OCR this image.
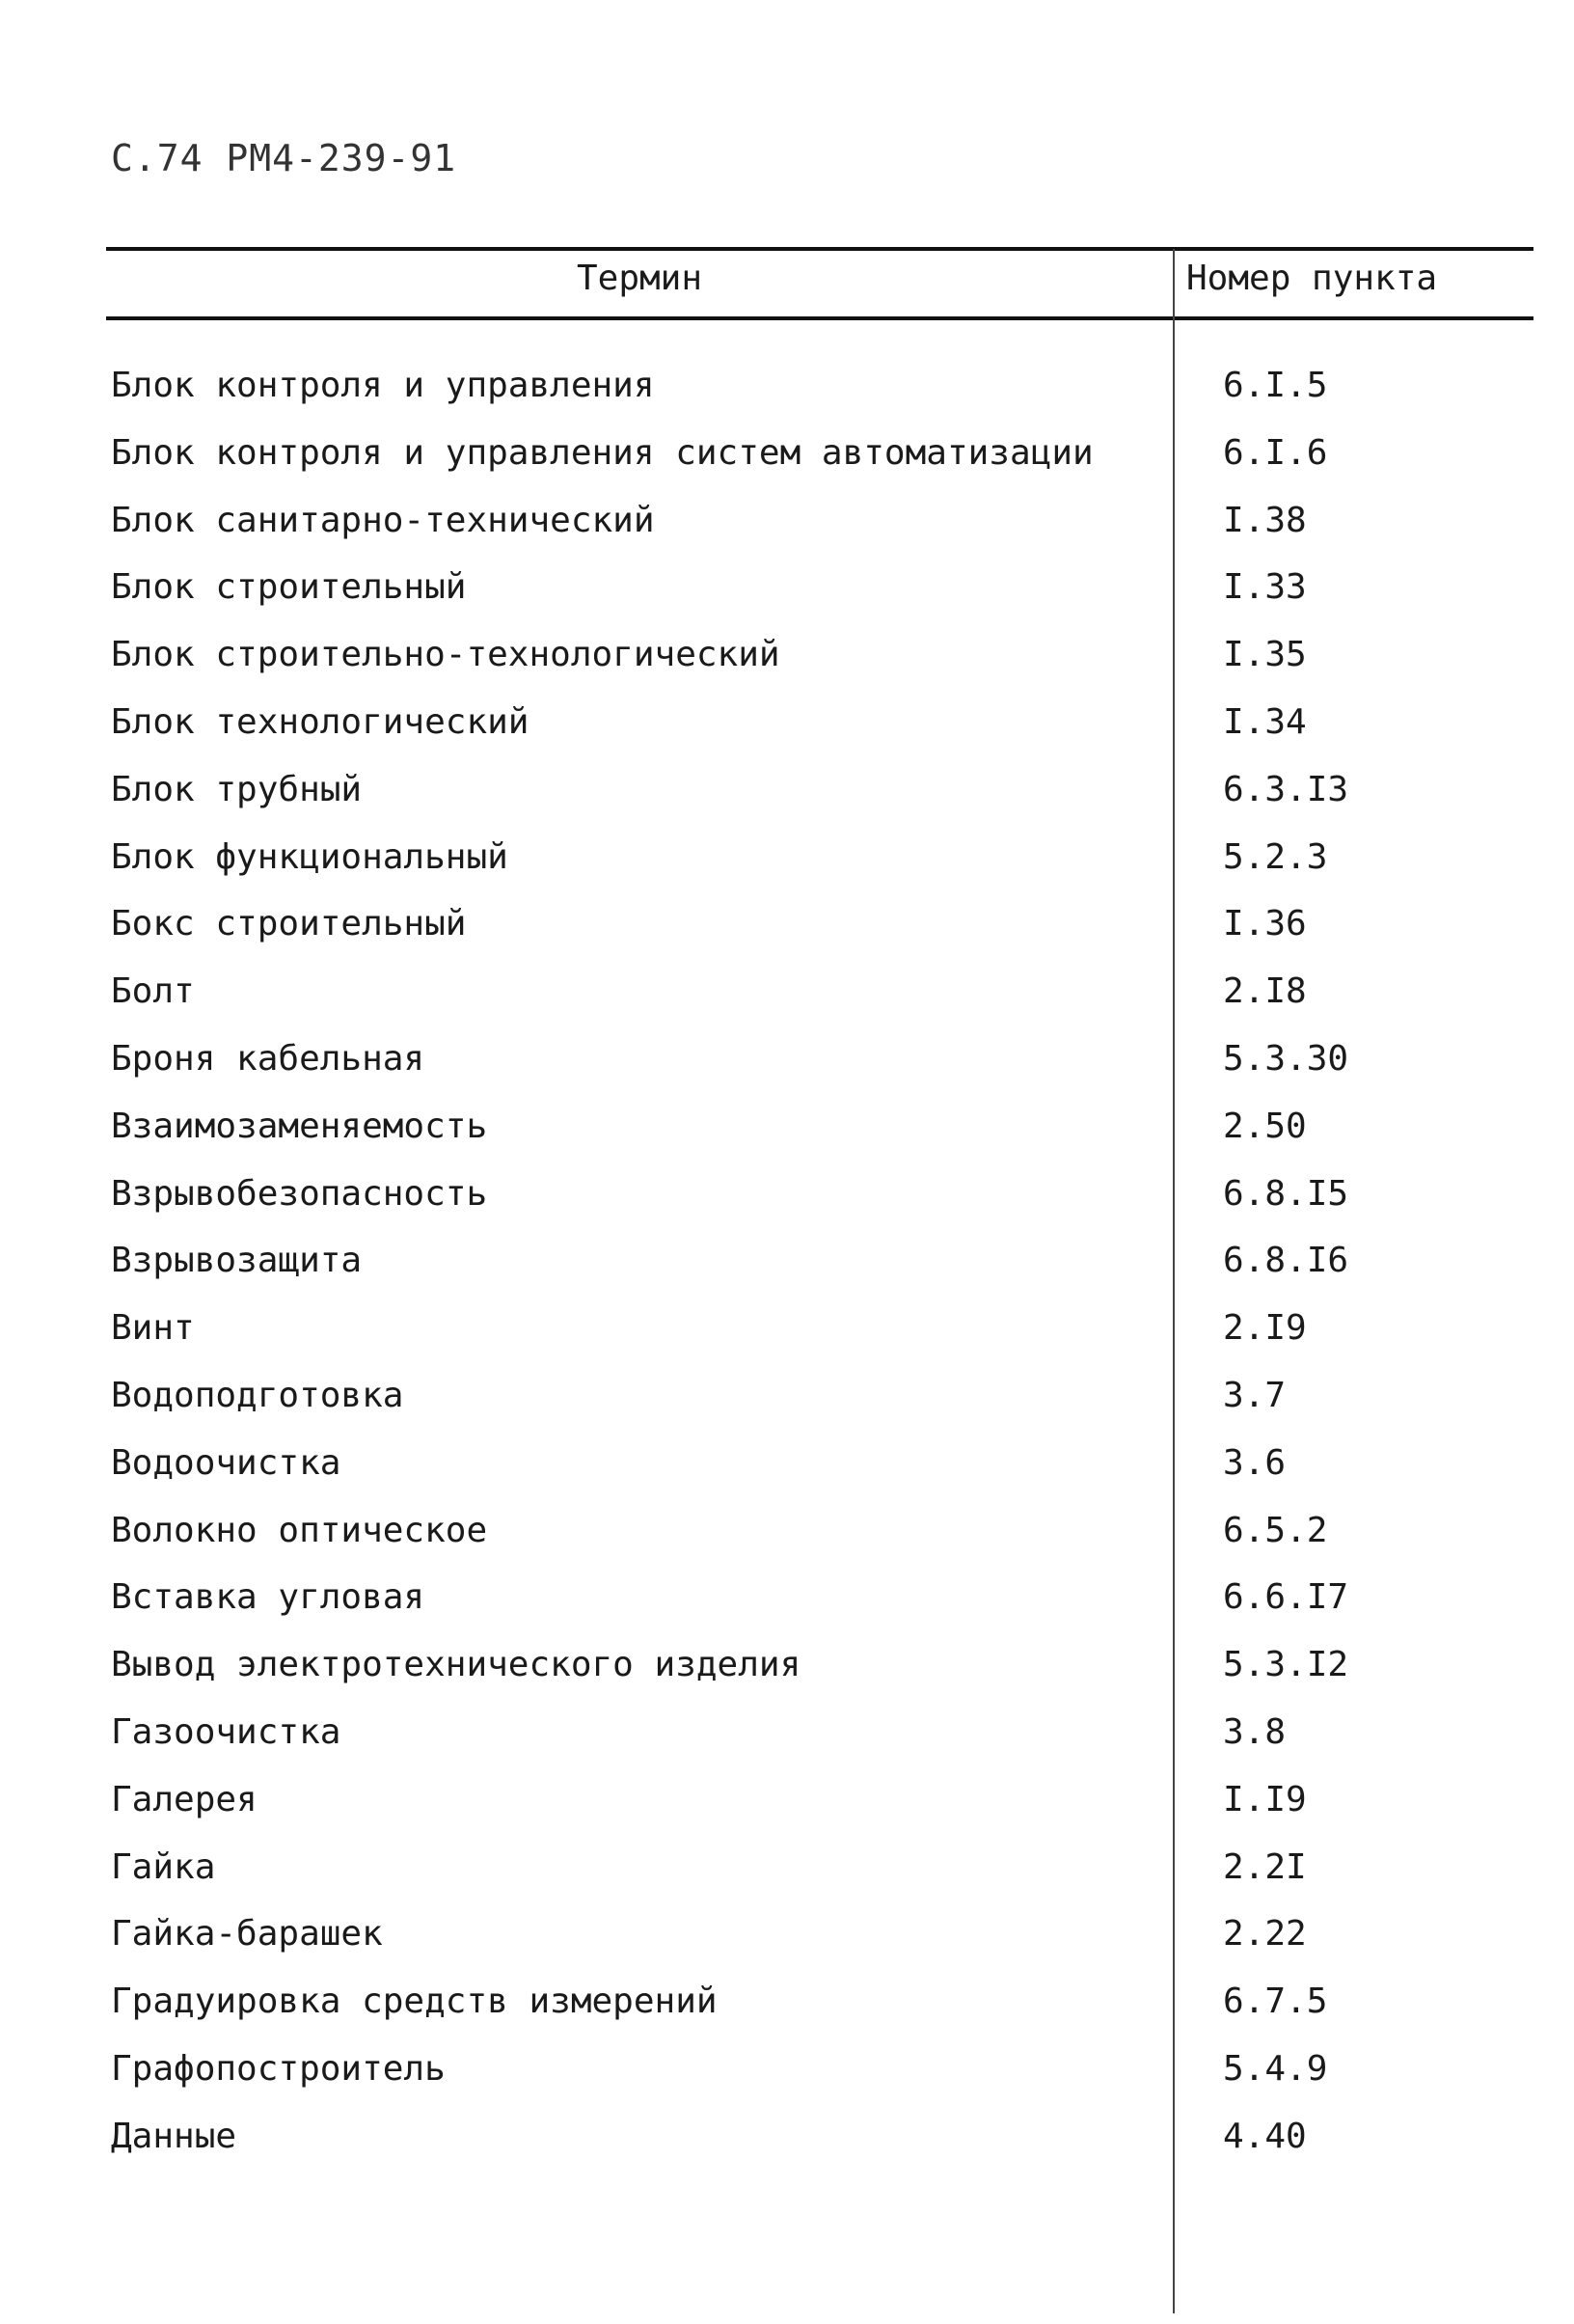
С.74 РМ4-239-91
Термин	Номер пункта
Блок контроля и управления	6.I.5
Блок контроля и управления систем автоматизации	6.I.6
Блок санитарно-технический	I.38
Блок строительный	I.33
Блок строительно-технологический	I.35
Блок технологический	I.34
Блок трубный	6.3.I3
Блок функциональный	5.2.3
Бокс строительный	I.36
Болт	2.I8
Броня кабельная	5.3.30
Взаимозаменяемость	2.50
Взрывобезопасность	6.8.I5
Взрывозащита	6.8.I6
Винт	2.I9
Водоподготовка	3.7
Водоочистка	3.6
Волокно оптическое	6.5.2
Вставка угловая	6.6.I7
Вывод электротехнического изделия	5.3.I2
Газоочистка	3.8
Галерея	I.I9
Гайка	2.2I
Гайка-барашек	2.22
Градуировка средств измерений	6.7.5
Графопостроитель	5.4.9
Данные	4.40
